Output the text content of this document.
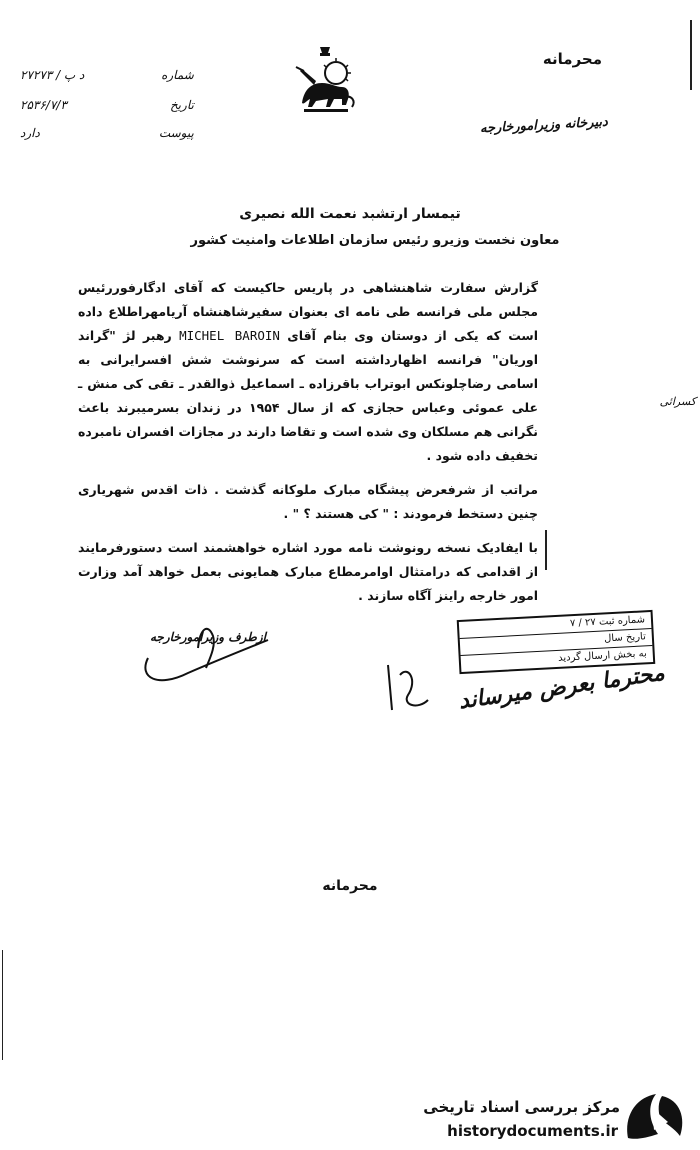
محرمانه
دبیرخانه وزیرامورخارجه
۲۷۲۷۳ / د پ	شماره
۲۵۳۶/۷/۳	تاریخ
دارد	پیوست
تیمسار ارتشبد نعمت الله نصیری
معاون نخست وزیرو رئیس سازمان اطلاعات وامنیت کشور

گزارش سفارت شاهنشاهی در پاریس حاکیست که آقای ادگارفوررئیس مجلس ملی فرانسه طی نامه ای بعنوان سفیرشاهنشاه آریامهراطلاع داده است که یکی از دوستان وی بنام آقای MICHEL BAROIN رهبر لژ "گراند اوریان" فرانسه اظهارداشته است که سرنوشت شش افسرایرانی به اسامی رضاچلونکس ابوتراب باقرزاده ـ اسماعیل ذوالقدر ـ تقی کی منش ـ علی عموئی وعباس حجازی که از سال ۱۹۵۴ در زندان بسرمیبرند باعث نگرانی هم مسلکان وی شده است و تقاضا دارند در مجازات افسران نامبرده تخفیف داده شود .

مراتب از شرفعرض پیشگاه مبارک ملوکانه گذشت . ذات اقدس شهریاری چنین دستخط فرمودند : " کی هستند ؟ " .

با ایفادیک نسخه رونوشت نامه مورد اشاره خواهشمند است دستورفرمایند از اقدامی که درامتثال اوامرمطاع مبارک همایونی بعمل خواهد آمد وزارت امور خارجه راینز آگاه سازند .

کسرائی
ازطرف وزیرامورخارجه
شماره ثبت ۲۷ / ۷
تاریخ سال
به بخش ارسال گردید
محترما بعرض میرساند
محرمانه
مرکز بررسی اسناد تاریخی
historydocuments.ir
